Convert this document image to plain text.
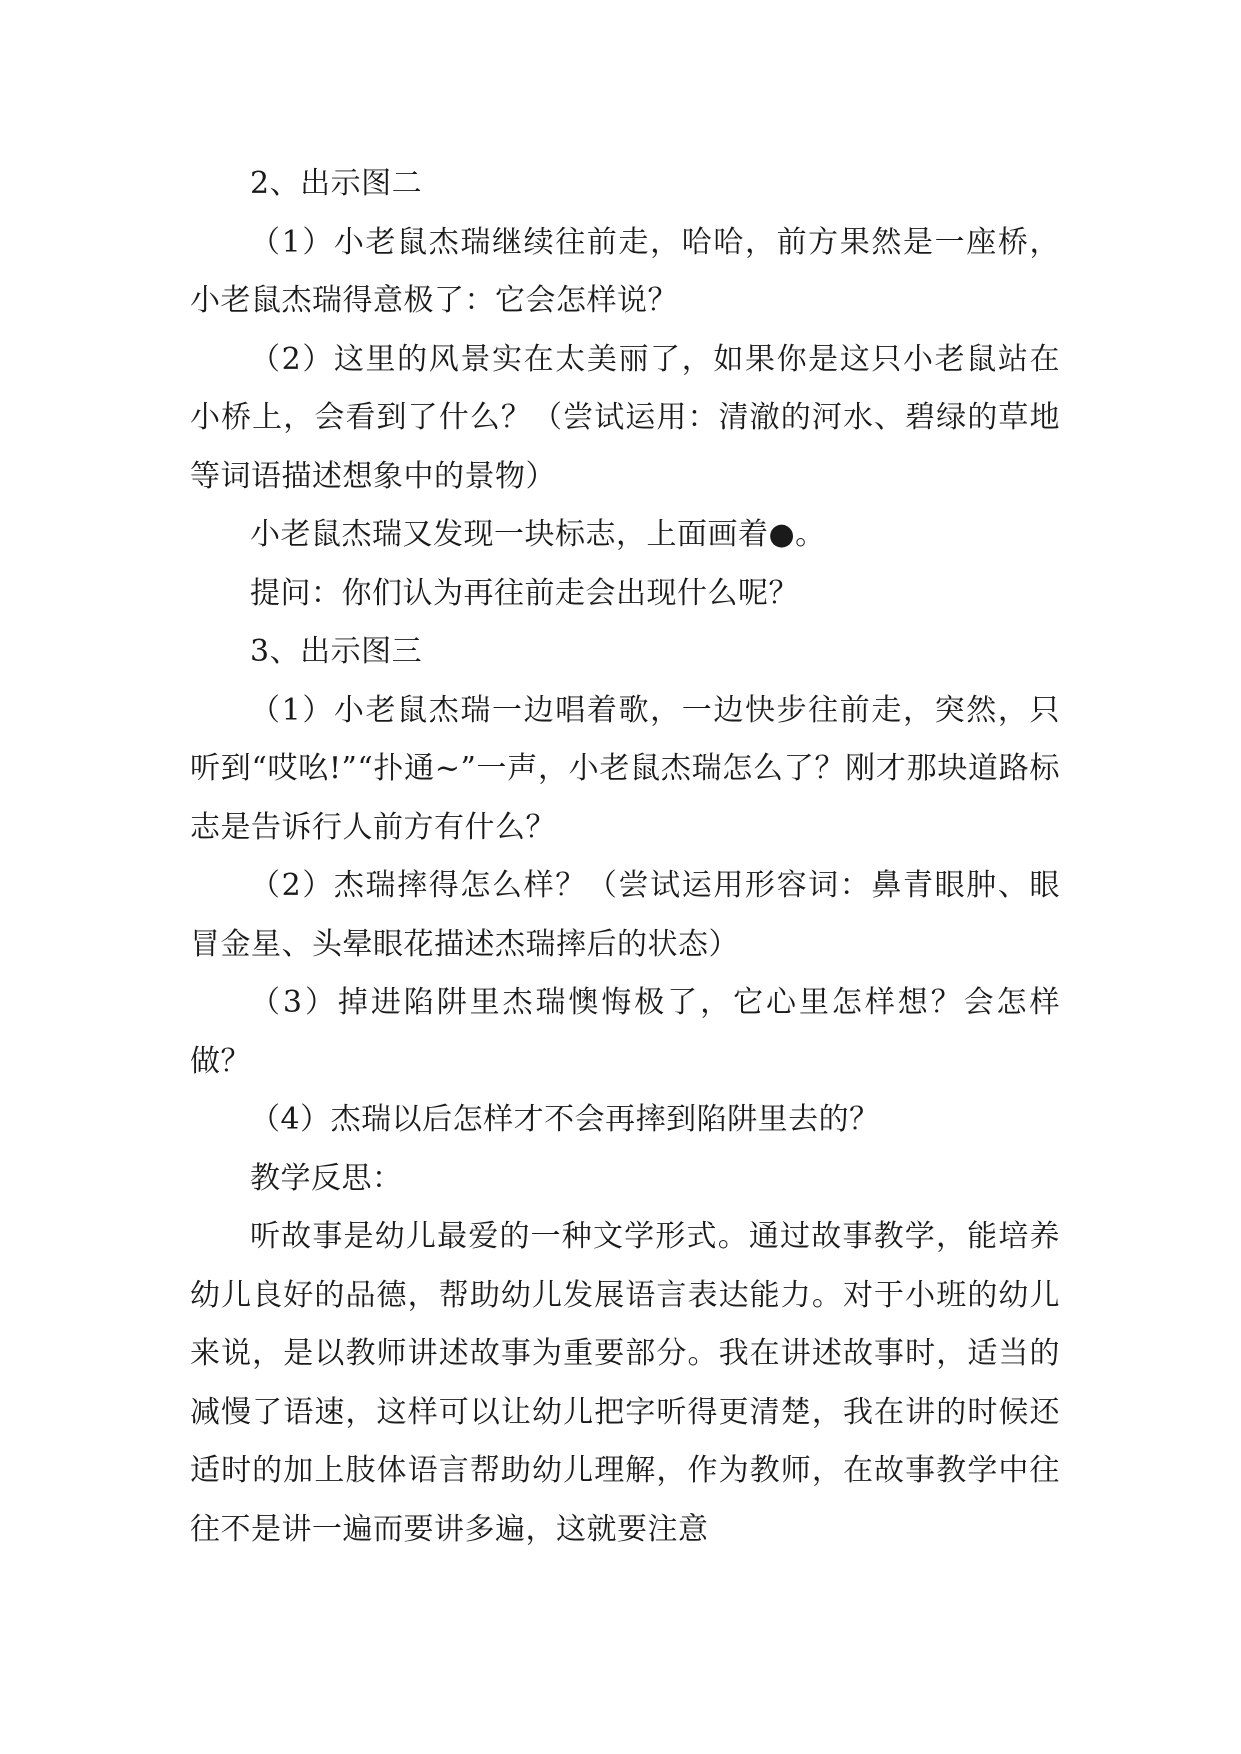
2、出示图二

（1）小老鼠杰瑞继续往前走，哈哈，前方果然是一座桥，小老鼠杰瑞得意极了：它会怎样说？

（2）这里的风景实在太美丽了，如果你是这只小老鼠站在小桥上，会看到了什么？（尝试运用：清澈的河水、碧绿的草地等词语描述想象中的景物）

小老鼠杰瑞又发现一块标志，上面画着●。

提问：你们认为再往前走会出现什么呢？

3、出示图三

（1）小老鼠杰瑞一边唱着歌，一边快步往前走，突然，只听到“哎吆!”“扑通~”一声，小老鼠杰瑞怎么了？刚才那块道路标志是告诉行人前方有什么？

（2）杰瑞摔得怎么样？（尝试运用形容词：鼻青眼肿、眼冒金星、头晕眼花描述杰瑞摔后的状态）

（3）掉进陷阱里杰瑞懊悔极了，它心里怎样想？会怎样做？

（4）杰瑞以后怎样才不会再摔到陷阱里去的？

教学反思：

听故事是幼儿最爱的一种文学形式。通过故事教学，能培养幼儿良好的品德，帮助幼儿发展语言表达能力。对于小班的幼儿来说，是以教师讲述故事为重要部分。我在讲述故事时，适当的减慢了语速，这样可以让幼儿把字听得更清楚，我在讲的时候还适时的加上肢体语言帮助幼儿理解，作为教师，在故事教学中往往不是讲一遍而要讲多遍，这就要注意
